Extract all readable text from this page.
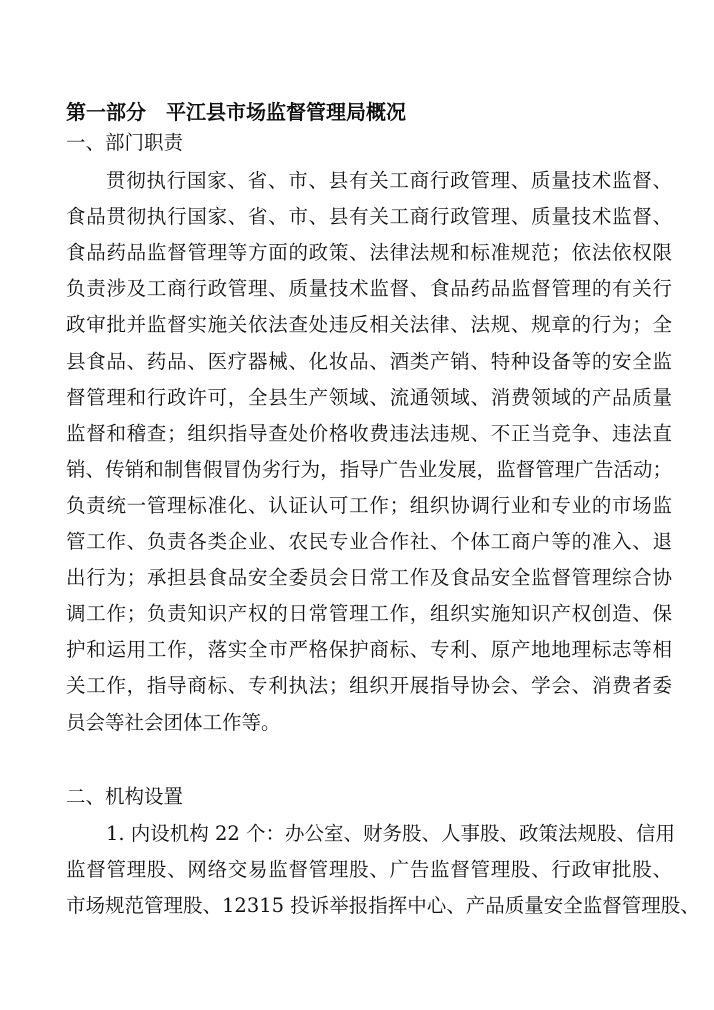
第一部分　平江县市场监督管理局概况
一、部门职责
贯彻执行国家、省、市、县有关工商行政管理、质量技术监督、
食品贯彻执行国家、省、市、县有关工商行政管理、质量技术监督、
食品药品监督管理等方面的政策、法律法规和标准规范；依法依权限
负责涉及工商行政管理、质量技术监督、食品药品监督管理的有关行
政审批并监督实施关依法查处违反相关法律、法规、规章的行为；全
县食品、药品、医疗器械、化妆品、酒类产销、特种设备等的安全监
督管理和行政许可，全县生产领域、流通领域、消费领域的产品质量
监督和稽查；组织指导查处价格收费违法违规、不正当竞争、违法直
销、传销和制售假冒伪劣行为，指导广告业发展，监督管理广告活动；
负责统一管理标准化、认证认可工作；组织协调行业和专业的市场监
管工作、负责各类企业、农民专业合作社、个体工商户等的准入、退
出行为；承担县食品安全委员会日常工作及食品安全监督管理综合协
调工作；负责知识产权的日常管理工作，组织实施知识产权创造、保
护和运用工作，落实全市严格保护商标、专利、原产地地理标志等相
关工作，指导商标、专利执法；组织开展指导协会、学会、消费者委
员会等社会团体工作等。
二、机构设置
1. 内设机构 22 个：办公室、财务股、人事股、政策法规股、信用
监督管理股、网络交易监督管理股、广告监督管理股、行政审批股、
市场规范管理股、12315 投诉举报指挥中心、产品质量安全监督管理股、
